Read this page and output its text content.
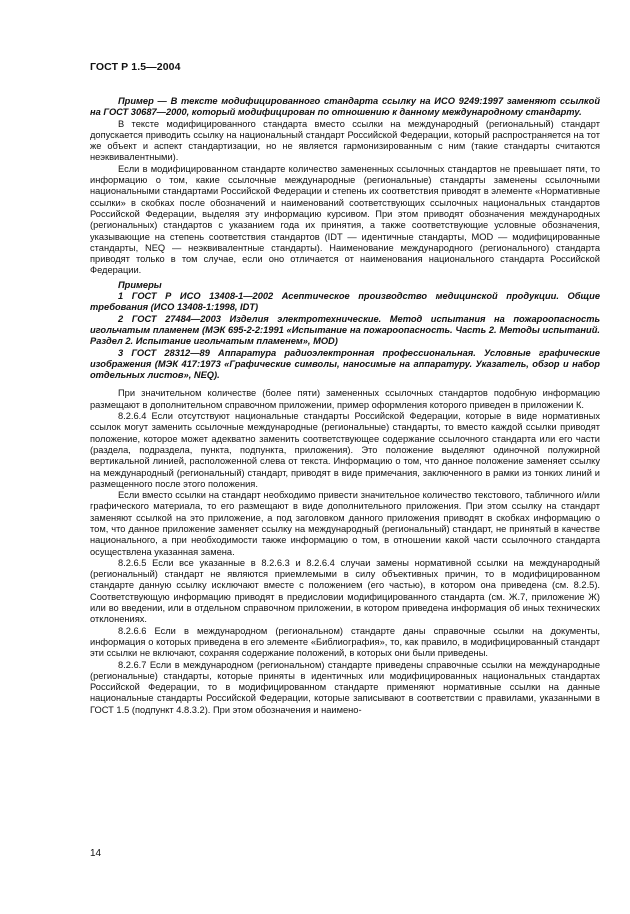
ГОСТ Р 1.5—2004

Пример — В тексте модифицированного стандарта ссылку на ИСО 9249:1997 заменяют ссылкой на ГОСТ 30687—2000, который модифицирован по отношению к данному международному стандарту.

В тексте модифицированного стандарта вместо ссылки на международный (региональный) стандарт допускается приводить ссылку на национальный стандарт Российской Федерации, который распространяется на тот же объект и аспект стандартизации, но не является гармонизированным с ним (такие стандарты считаются неэквивалентными).

Если в модифицированном стандарте количество замененных ссылочных стандартов не превышает пяти, то информацию о том, какие ссылочные международные (региональные) стандарты заменены ссылочными национальными стандартами Российской Федерации и степень их соответствия приводят в элементе «Нормативные ссылки» в скобках после обозначений и наименований соответствующих ссылочных национальных стандартов Российской Федерации, выделяя эту информацию курсивом. При этом приводят обозначения международных (региональных) стандартов с указанием года их принятия, а также соответствующие условные обозначения, указывающие на степень соответствия стандартов (IDT — идентичные стандарты, MOD — модифицированные стандарты, NEQ — неэквивалентные стандарты). Наименование международного (регионального) стандарта приводят только в том случае, если оно отличается от наименования национального стандарта Российской Федерации.

Примеры

1 ГОСТ Р ИСО 13408-1—2002 Асептическое производство медицинской продукции. Общие требования (ИСО 13408-1:1998, IDT)

2 ГОСТ 27484—2003 Изделия электротехнические. Метод испытания на пожароопасность игольчатым пламенем (МЭК 695-2-2:1991 «Испытание на пожароопасность. Часть 2. Методы испытаний. Раздел 2. Испытание игольчатым пламенем», MOD)

3 ГОСТ 28312—89 Аппаратура радиоэлектронная профессиональная. Условные графические изображения (МЭК 417:1973 «Графические символы, наносимые на аппаратуру. Указатель, обзор и набор отдельных листов», NEQ).

При значительном количестве (более пяти) замененных ссылочных стандартов подобную информацию размещают в дополнительном справочном приложении, пример оформления которого приведен в приложении К.

8.2.6.4 Если отсутствуют национальные стандарты Российской Федерации, которые в виде нормативных ссылок могут заменить ссылочные международные (региональные) стандарты, то вместо каждой ссылки приводят положение, которое может адекватно заменить соответствующее содержание ссылочного стандарта или его части (раздела, подраздела, пункта, подпункта, приложения). Это положение выделяют одиночной полужирной вертикальной линией, расположенной слева от текста. Информацию о том, что данное положение заменяет ссылку на международный (региональный) стандарт, приводят в виде примечания, заключенного в рамки из тонких линий и размещенного после этого положения.

Если вместо ссылки на стандарт необходимо привести значительное количество текстового, табличного и/или графического материала, то его размещают в виде дополнительного приложения. При этом ссылку на стандарт заменяют ссылкой на это приложение, а под заголовком данного приложения приводят в скобках информацию о том, что данное приложение заменяет ссылку на международный (региональный) стандарт, не принятый в качестве национального, а при необходимости также информацию о том, в отношении какой части ссылочного стандарта осуществлена указанная замена.

8.2.6.5 Если все указанные в 8.2.6.3 и 8.2.6.4 случаи замены нормативной ссылки на международный (региональный) стандарт не являются приемлемыми в силу объективных причин, то в модифицированном стандарте данную ссылку исключают вместе с положением (его частью), в котором она приведена (см. 8.2.5). Соответствующую информацию приводят в предисловии модифицированного стандарта (см. Ж.7, приложение Ж) или во введении, или в отдельном справочном приложении, в котором приведена информация об иных технических отклонениях.

8.2.6.6 Если в международном (региональном) стандарте даны справочные ссылки на документы, информация о которых приведена в его элементе «Библиография», то, как правило, в модифицированный стандарт эти ссылки не включают, сохраняя содержание положений, в которых они были приведены.

8.2.6.7 Если в международном (региональном) стандарте приведены справочные ссылки на международные (региональные) стандарты, которые приняты в идентичных или модифицированных национальных стандартах Российской Федерации, то в модифицированном стандарте применяют нормативные ссылки на данные национальные стандарты Российской Федерации, которые записывают в соответствии с правилами, указанными в ГОСТ 1.5 (подпункт 4.8.3.2). При этом обозначения и наимено-

14
